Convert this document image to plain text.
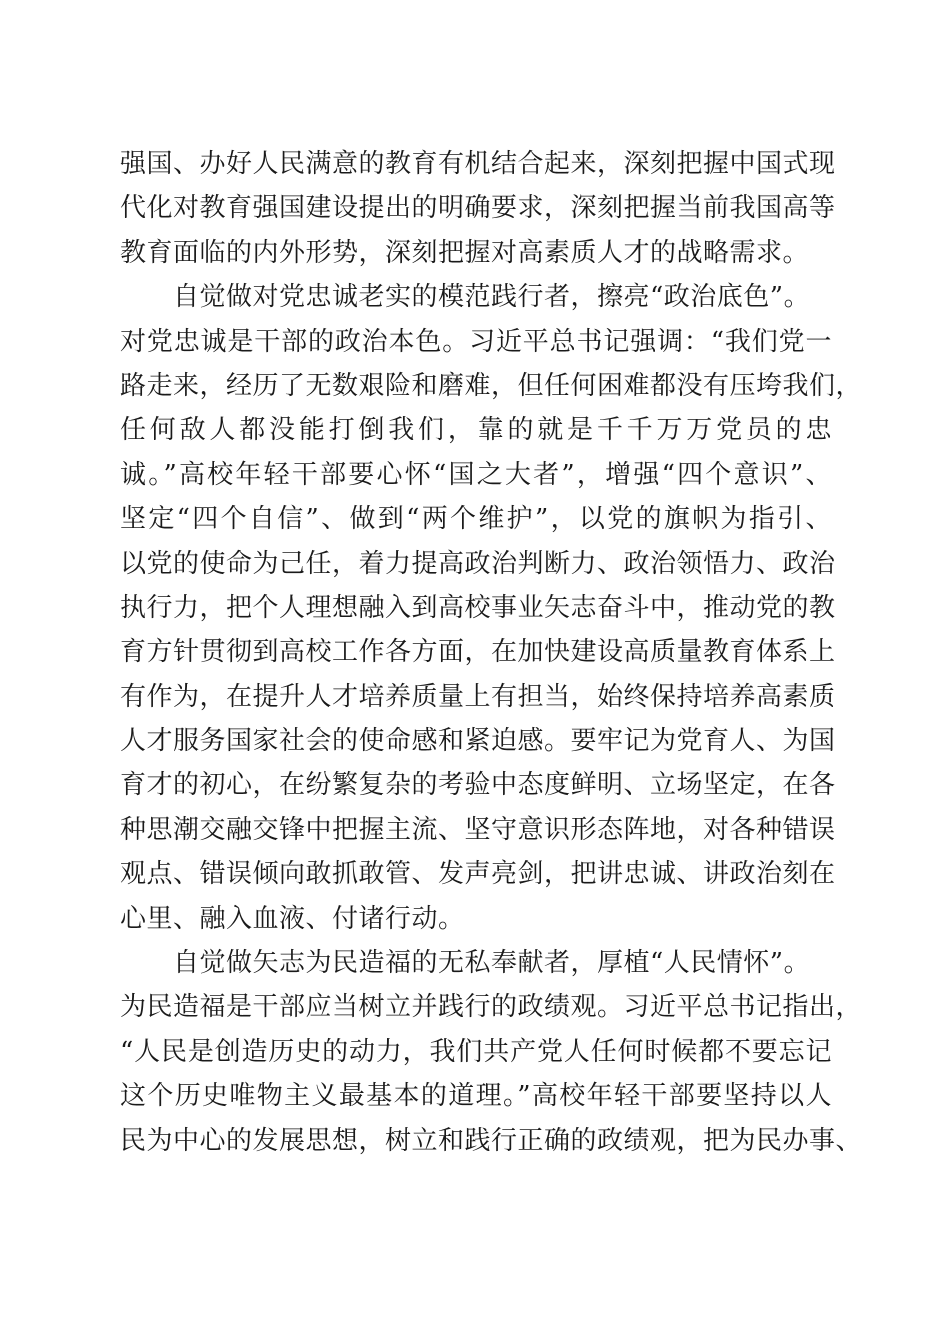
强国、办好人民满意的教育有机结合起来，深刻把握中国式现
代化对教育强国建设提出的明确要求，深刻把握当前我国高等
教育面临的内外形势，深刻把握对高素质人才的战略需求。
　　自觉做对党忠诚老实的模范践行者，擦亮“政治底色”。
对党忠诚是干部的政治本色。习近平总书记强调：“我们党一
路走来，经历了无数艰险和磨难，但任何困难都没有压垮我们，
任何敌人都没能打倒我们，靠的就是千千万万党员的忠
诚。”高校年轻干部要心怀“国之大者”，增强“四个意识”、
坚定“四个自信”、做到“两个维护”，以党的旗帜为指引、
以党的使命为己任，着力提高政治判断力、政治领悟力、政治
执行力，把个人理想融入到高校事业矢志奋斗中，推动党的教
育方针贯彻到高校工作各方面，在加快建设高质量教育体系上
有作为，在提升人才培养质量上有担当，始终保持培养高素质
人才服务国家社会的使命感和紧迫感。要牢记为党育人、为国
育才的初心，在纷繁复杂的考验中态度鲜明、立场坚定，在各
种思潮交融交锋中把握主流、坚守意识形态阵地，对各种错误
观点、错误倾向敢抓敢管、发声亮剑，把讲忠诚、讲政治刻在
心里、融入血液、付诸行动。
　　自觉做矢志为民造福的无私奉献者，厚植“人民情怀”。
为民造福是干部应当树立并践行的政绩观。习近平总书记指出，
“人民是创造历史的动力，我们共产党人任何时候都不要忘记
这个历史唯物主义最基本的道理。”高校年轻干部要坚持以人
民为中心的发展思想，树立和践行正确的政绩观，把为民办事、
